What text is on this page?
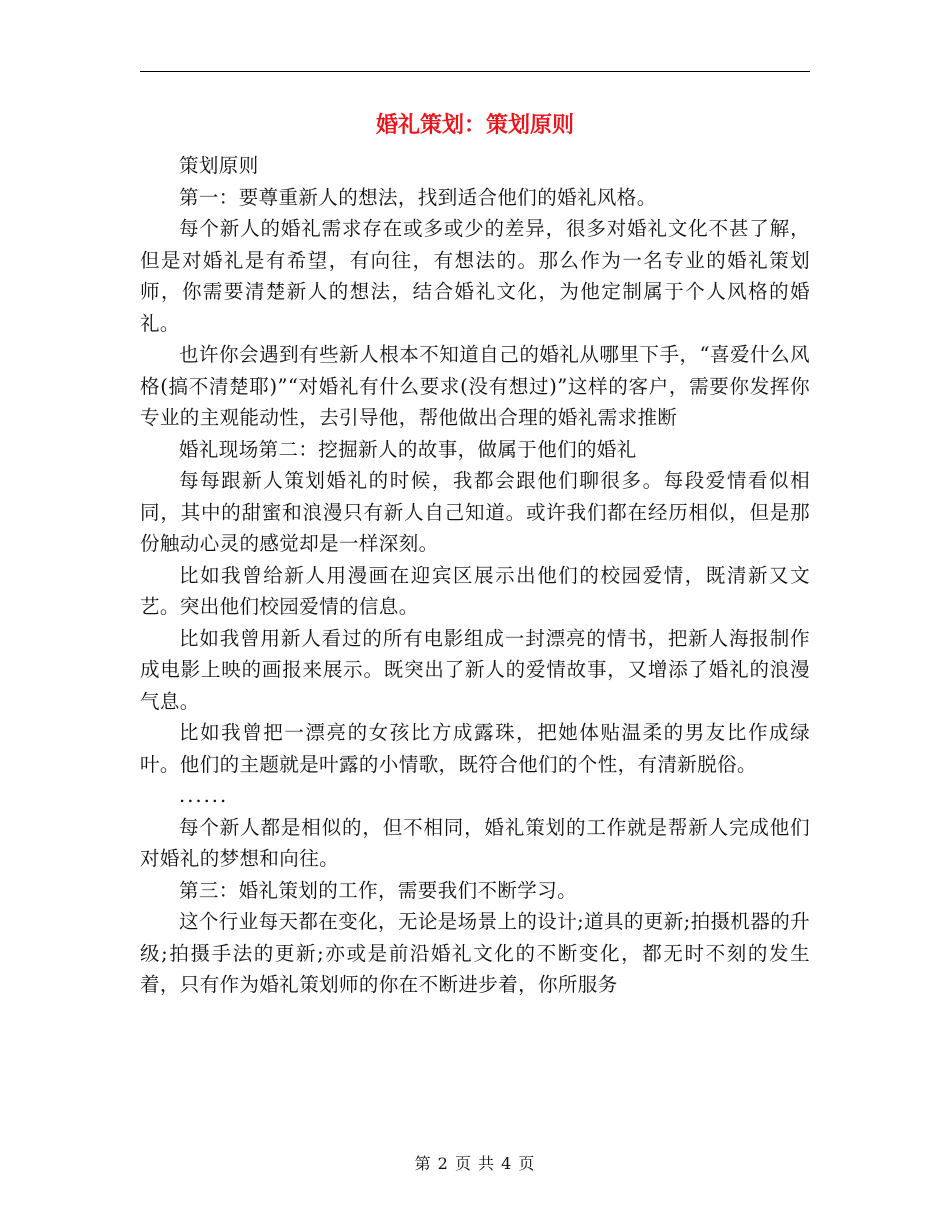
婚礼策划：策划原则

策划原则

第一：要尊重新人的想法，找到适合他们的婚礼风格。

每个新人的婚礼需求存在或多或少的差异，很多对婚礼文化不甚了解，但是对婚礼是有希望，有向往，有想法的。那么作为一名专业的婚礼策划师，你需要清楚新人的想法，结合婚礼文化，为他定制属于个人风格的婚礼。

也许你会遇到有些新人根本不知道自己的婚礼从哪里下手，“喜爱什么风格(搞不清楚耶)”“对婚礼有什么要求(没有想过)”这样的客户，需要你发挥你专业的主观能动性，去引导他，帮他做出合理的婚礼需求推断

婚礼现场第二：挖掘新人的故事，做属于他们的婚礼

每每跟新人策划婚礼的时候，我都会跟他们聊很多。每段爱情看似相同，其中的甜蜜和浪漫只有新人自己知道。或许我们都在经历相似，但是那份触动心灵的感觉却是一样深刻。

比如我曾给新人用漫画在迎宾区展示出他们的校园爱情，既清新又文艺。突出他们校园爱情的信息。

比如我曾用新人看过的所有电影组成一封漂亮的情书，把新人海报制作成电影上映的画报来展示。既突出了新人的爱情故事，又增添了婚礼的浪漫气息。

比如我曾把一漂亮的女孩比方成露珠，把她体贴温柔的男友比作成绿叶。他们的主题就是叶露的小情歌，既符合他们的个性，有清新脱俗。

......

每个新人都是相似的，但不相同，婚礼策划的工作就是帮新人完成他们对婚礼的梦想和向往。

第三：婚礼策划的工作，需要我们不断学习。

这个行业每天都在变化，无论是场景上的设计;道具的更新;拍摄机器的升级;拍摄手法的更新;亦或是前沿婚礼文化的不断变化，都无时不刻的发生着，只有作为婚礼策划师的你在不断进步着，你所服务

第 2 页 共 4 页
